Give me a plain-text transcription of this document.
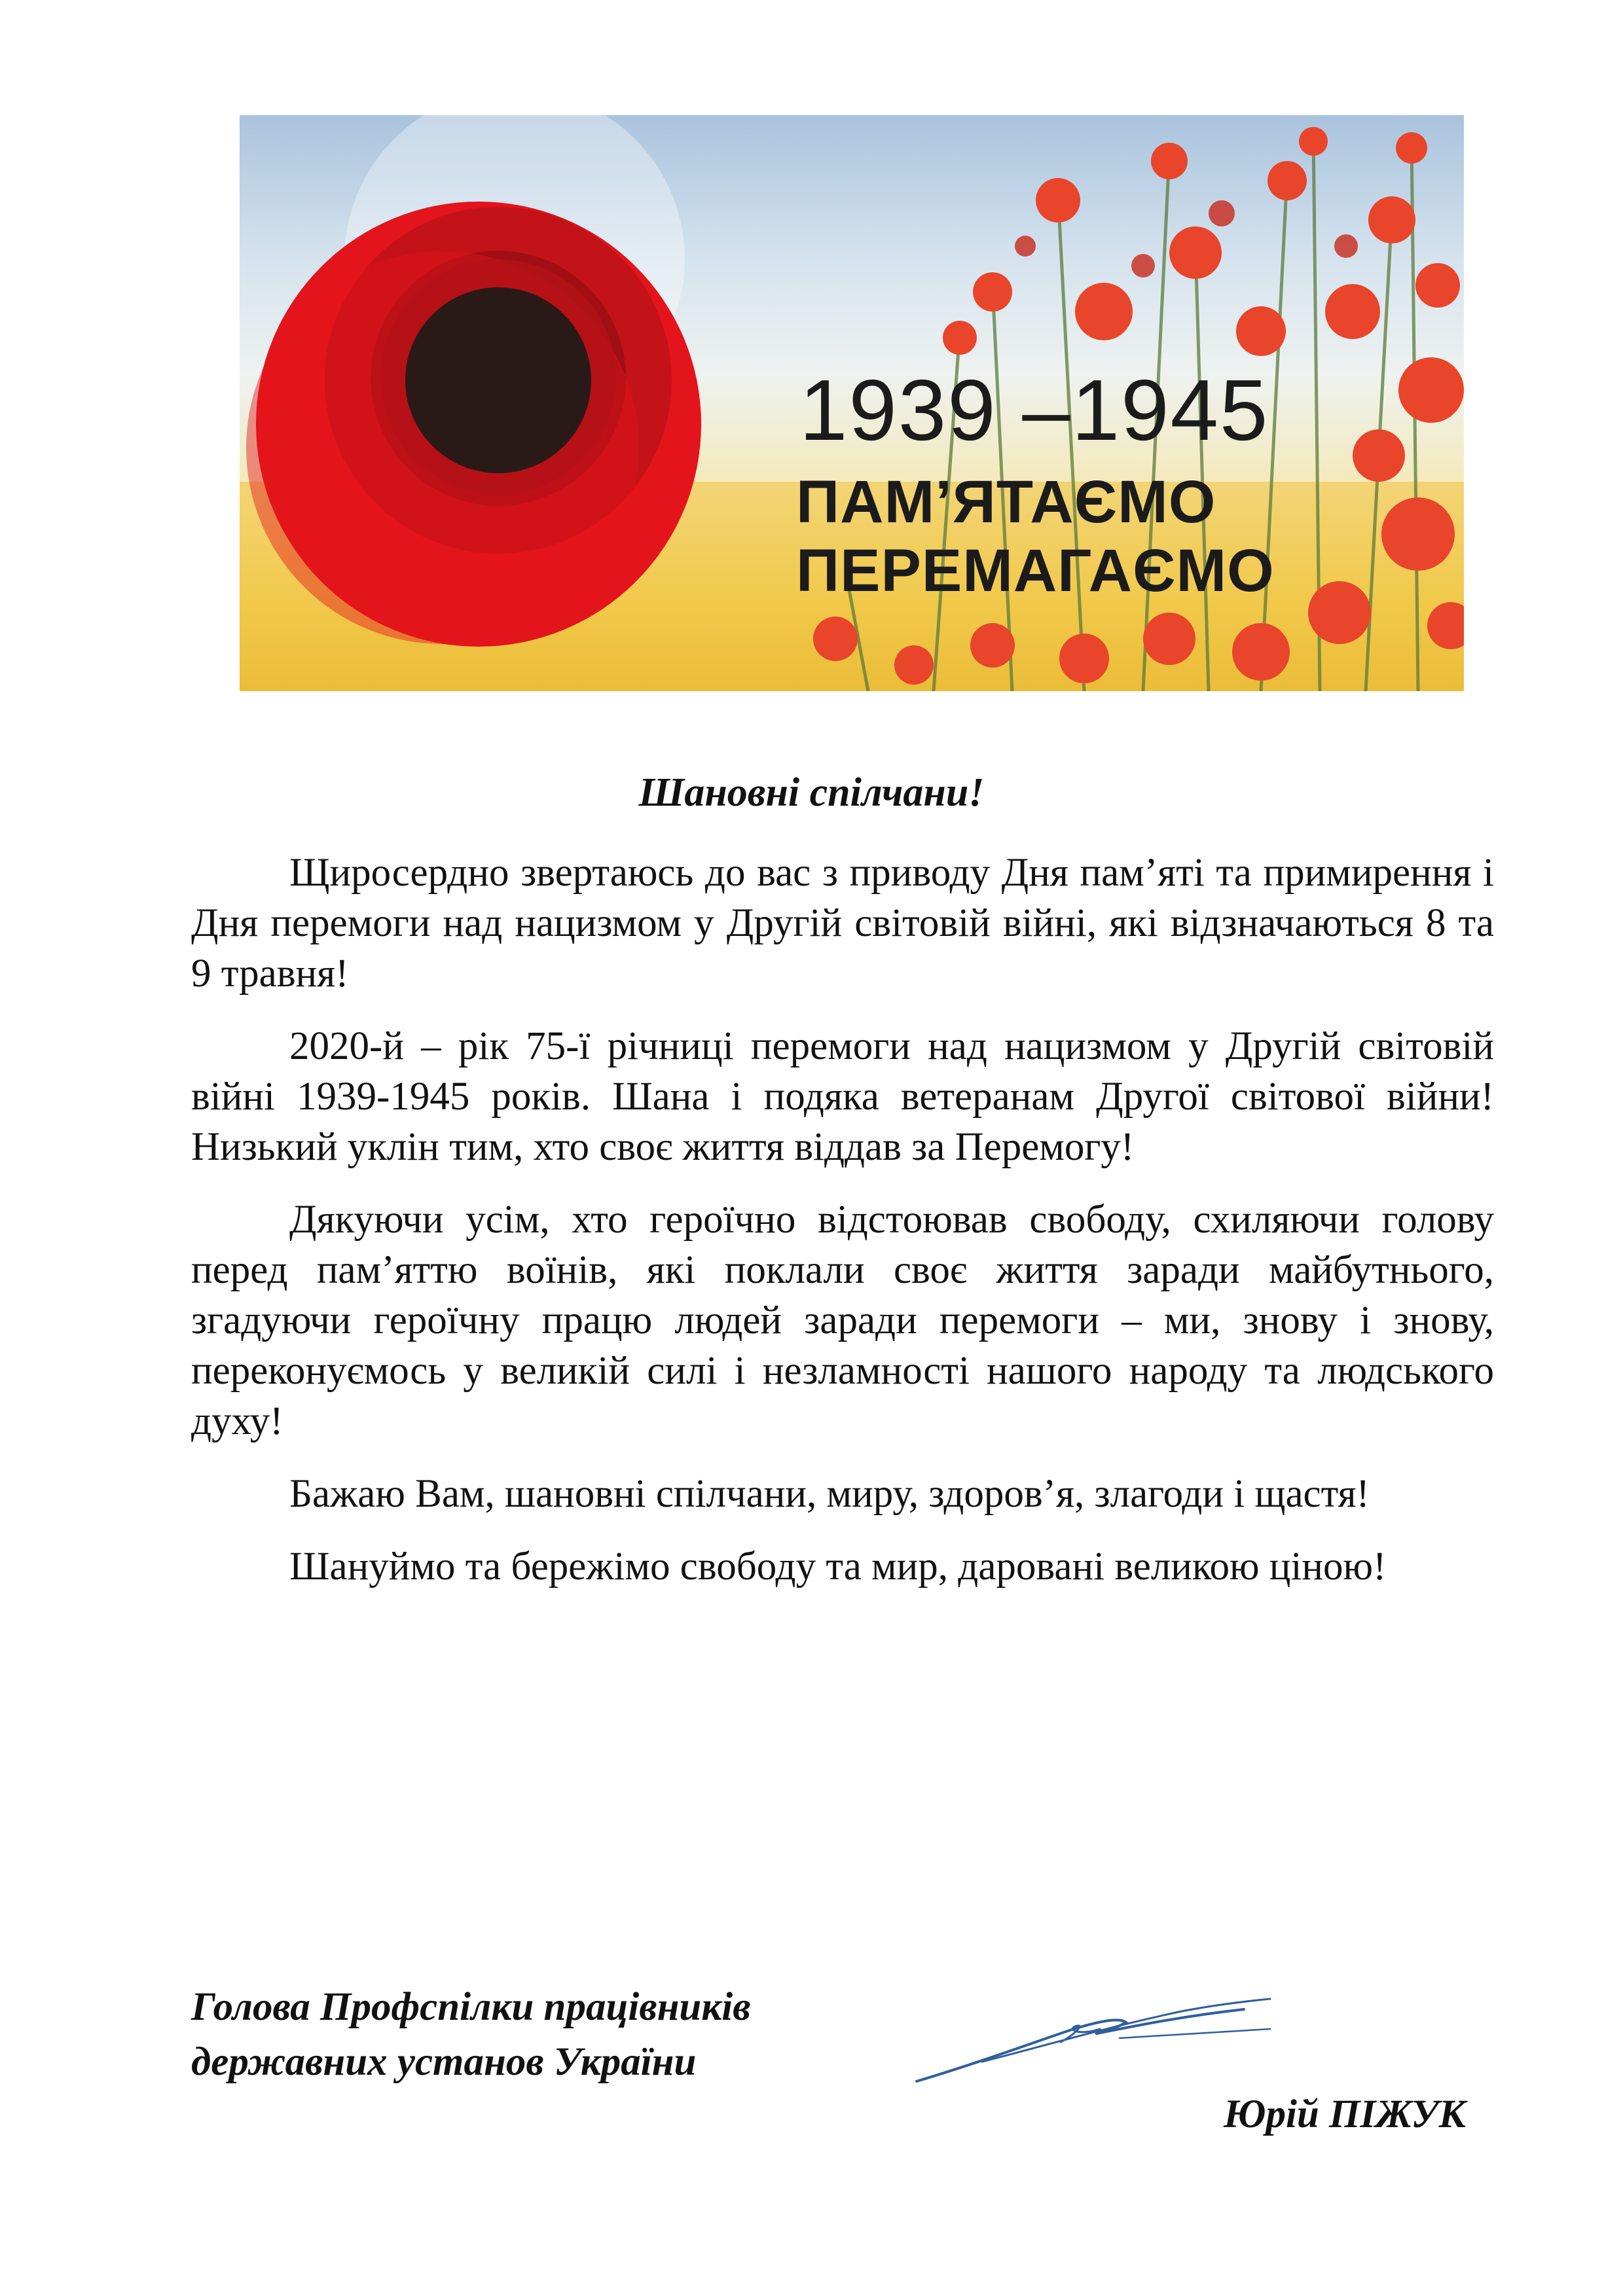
1939 –1945
ПАМ’ЯТАЄМО
ПЕРЕМАГАЄМО
Шановні спілчани!

Щиросердно звертаюсь до вас з приводу Дня пам’яті та примирення і Дня перемоги над нацизмом у Другій світовій війні, які відзначаються 8 та 9 травня!

2020-й – рік 75-ї річниці перемоги над нацизмом у Другій світовій війні 1939-1945 років. Шана і подяка ветеранам Другої світової війни! Низький уклін тим, хто своє життя віддав за Перемогу!

Дякуючи усім, хто героїчно відстоював свободу, схиляючи голову перед пам’яттю воїнів, які поклали своє життя заради майбутнього, згадуючи героїчну працю людей заради перемоги – ми, знову і знову, переконуємось у великій силі і незламності нашого народу та людського духу!

Бажаю Вам, шановні спілчани, миру, здоров’я, злагоди і щастя!

Шануймо та бережімо свободу та мир, даровані великою ціною!

Голова Профспілки працівників
державних установ України
Юрій ПІЖУК
